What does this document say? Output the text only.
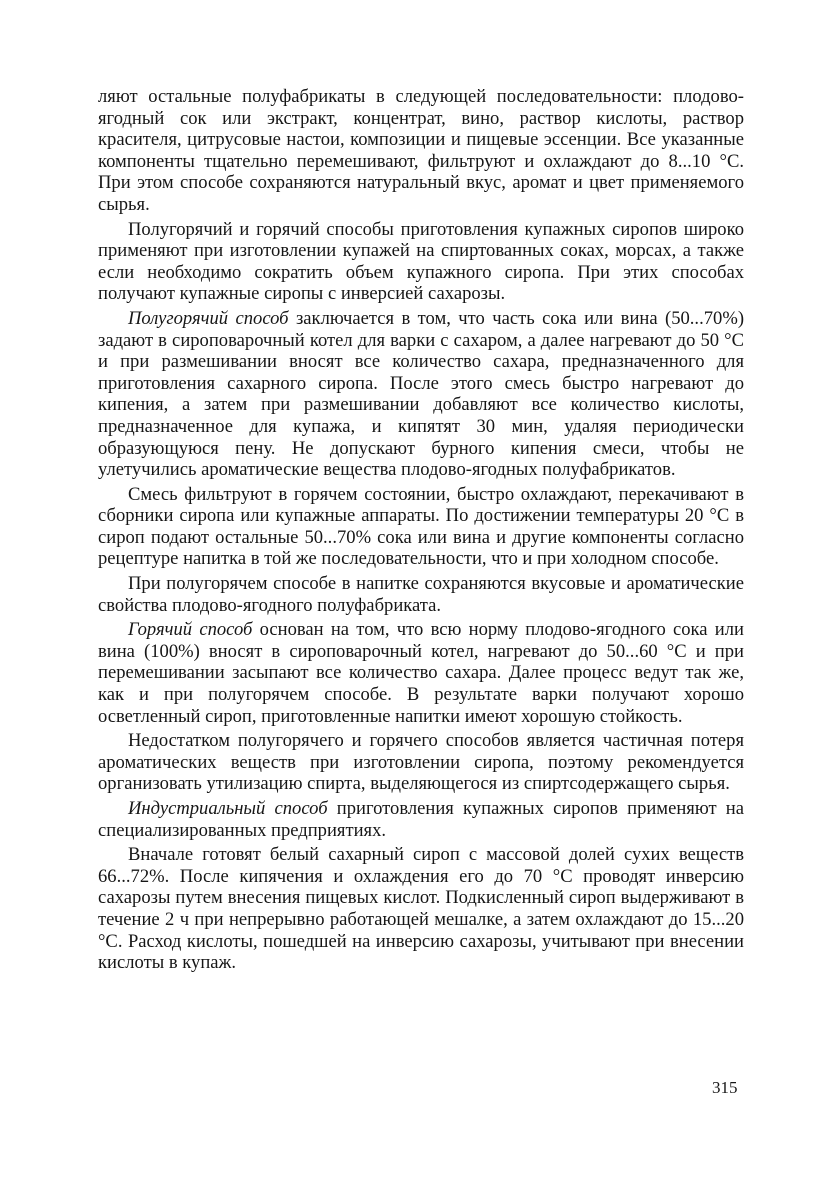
ляют остальные полуфабрикаты в следующей последовательности: плодово-ягодный сок или экстракт, концентрат, вино, раствор кислоты, раствор красителя, цитрусовые настои, композиции и пищевые эссенции. Все указанные компоненты тщательно перемешивают, фильтруют и охлаждают до 8...10 °С. При этом способе сохраняются натуральный вкус, аромат и цвет применяемого сырья.

Полугорячий и горячий способы приготовления купажных сиропов широко применяют при изготовлении купажей на спиртованных соках, морсах, а также если необходимо сократить объем купажного сиропа. При этих способах получают купажные сиропы с инверсией сахарозы.

Полугорячий способ заключается в том, что часть сока или вина (50...70%) задают в сироповарочный котел для варки с сахаром, а далее нагревают до 50 °С и при размешивании вносят все количество сахара, предназначенного для приготовления сахарного сиропа. После этого смесь быстро нагревают до кипения, а затем при размешивании добавляют все количество кислоты, предназначенное для купажа, и кипятят 30 мин, удаляя периодически образующуюся пену. Не допускают бурного кипения смеси, чтобы не улетучились ароматические вещества плодово-ягодных полуфабрикатов.

Смесь фильтруют в горячем состоянии, быстро охлаждают, перекачивают в сборники сиропа или купажные аппараты. По достижении температуры 20 °С в сироп подают остальные 50...70% сока или вина и другие компоненты согласно рецептуре напитка в той же последовательности, что и при холодном способе.

При полугорячем способе в напитке сохраняются вкусовые и ароматические свойства плодово-ягодного полуфабриката.

Горячий способ основан на том, что всю норму плодово-ягодного сока или вина (100%) вносят в сироповарочный котел, нагревают до 50...60 °С и при перемешивании засыпают все количество сахара. Далее процесс ведут так же, как и при полугорячем способе. В результате варки получают хорошо осветленный сироп, приготовленные напитки имеют хорошую стойкость.

Недостатком полугорячего и горячего способов является частичная потеря ароматических веществ при изготовлении сиропа, поэтому рекомендуется организовать утилизацию спирта, выделяющегося из спиртсодержащего сырья.

Индустриальный способ приготовления купажных сиропов применяют на специализированных предприятиях.

Вначале готовят белый сахарный сироп с массовой долей сухих веществ 66...72%. После кипячения и охлаждения его до 70 °С проводят инверсию сахарозы путем внесения пищевых кислот. Подкисленный сироп выдерживают в течение 2 ч при непрерывно работающей мешалке, а затем охлаждают до 15...20 °С. Расход кислоты, пошедшей на инверсию сахарозы, учитывают при внесении кислоты в купаж.

315
